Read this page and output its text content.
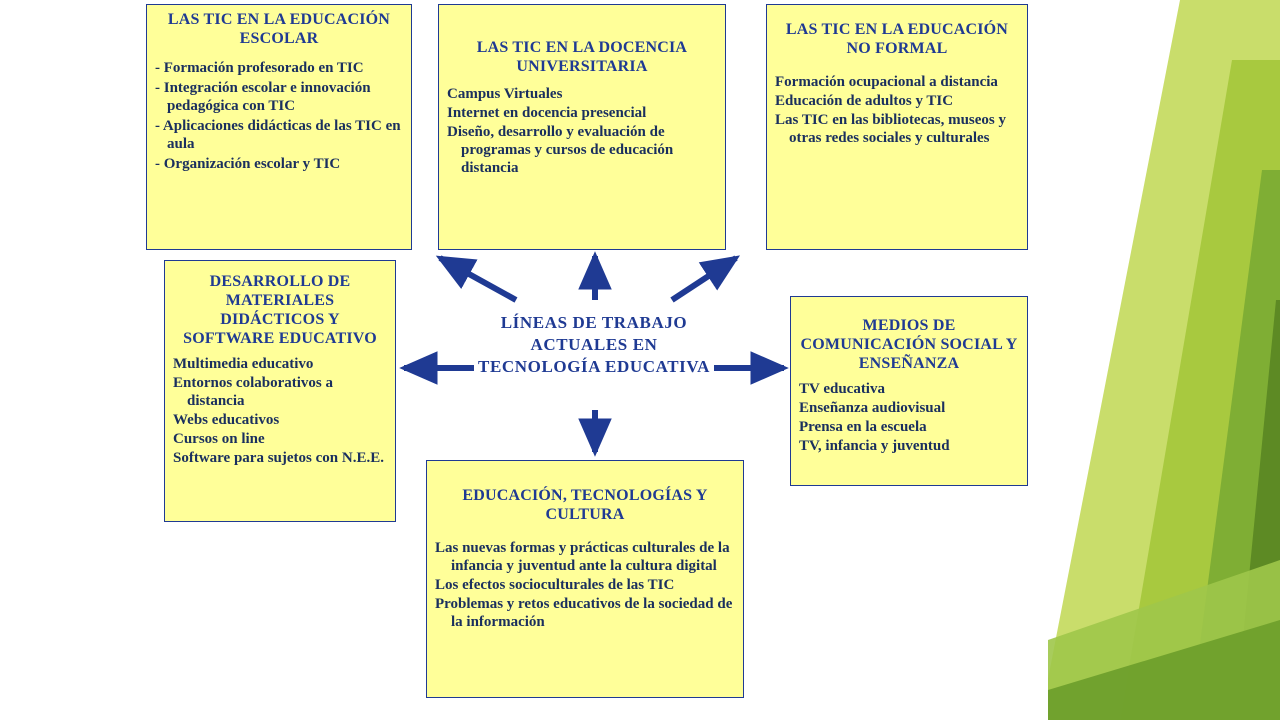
LAS TIC EN LA EDUCACIÓN ESCOLAR
- Formación profesorado en TIC
- Integración escolar e innovación pedagógica con TIC
- Aplicaciones didácticas de las TIC en aula
- Organización escolar y TIC
LAS TIC EN LA DOCENCIA UNIVERSITARIA
Campus Virtuales
Internet en docencia presencial
Diseño, desarrollo y evaluación de programas y cursos de educación distancia
LAS TIC EN LA EDUCACIÓN NO FORMAL
Formación ocupacional a distancia
Educación de adultos y TIC
Las TIC en las bibliotecas, museos y otras redes sociales y culturales
DESARROLLO DE MATERIALES DIDÁCTICOS Y SOFTWARE EDUCATIVO
Multimedia educativo
Entornos colaborativos a distancia
Webs educativos
Cursos on line
Software para sujetos con N.E.E.
MEDIOS DE COMUNICACIÓN SOCIAL Y ENSEÑANZA
TV educativa
Enseñanza audiovisual
Prensa en la escuela
TV, infancia y juventud
EDUCACIÓN, TECNOLOGÍAS Y CULTURA
Las nuevas formas y prácticas culturales de la infancia y juventud ante la cultura digital
Los efectos socioculturales de las TIC
Problemas y retos educativos de la sociedad de la información
LÍNEAS DE TRABAJO ACTUALES EN TECNOLOGÍA EDUCATIVA
